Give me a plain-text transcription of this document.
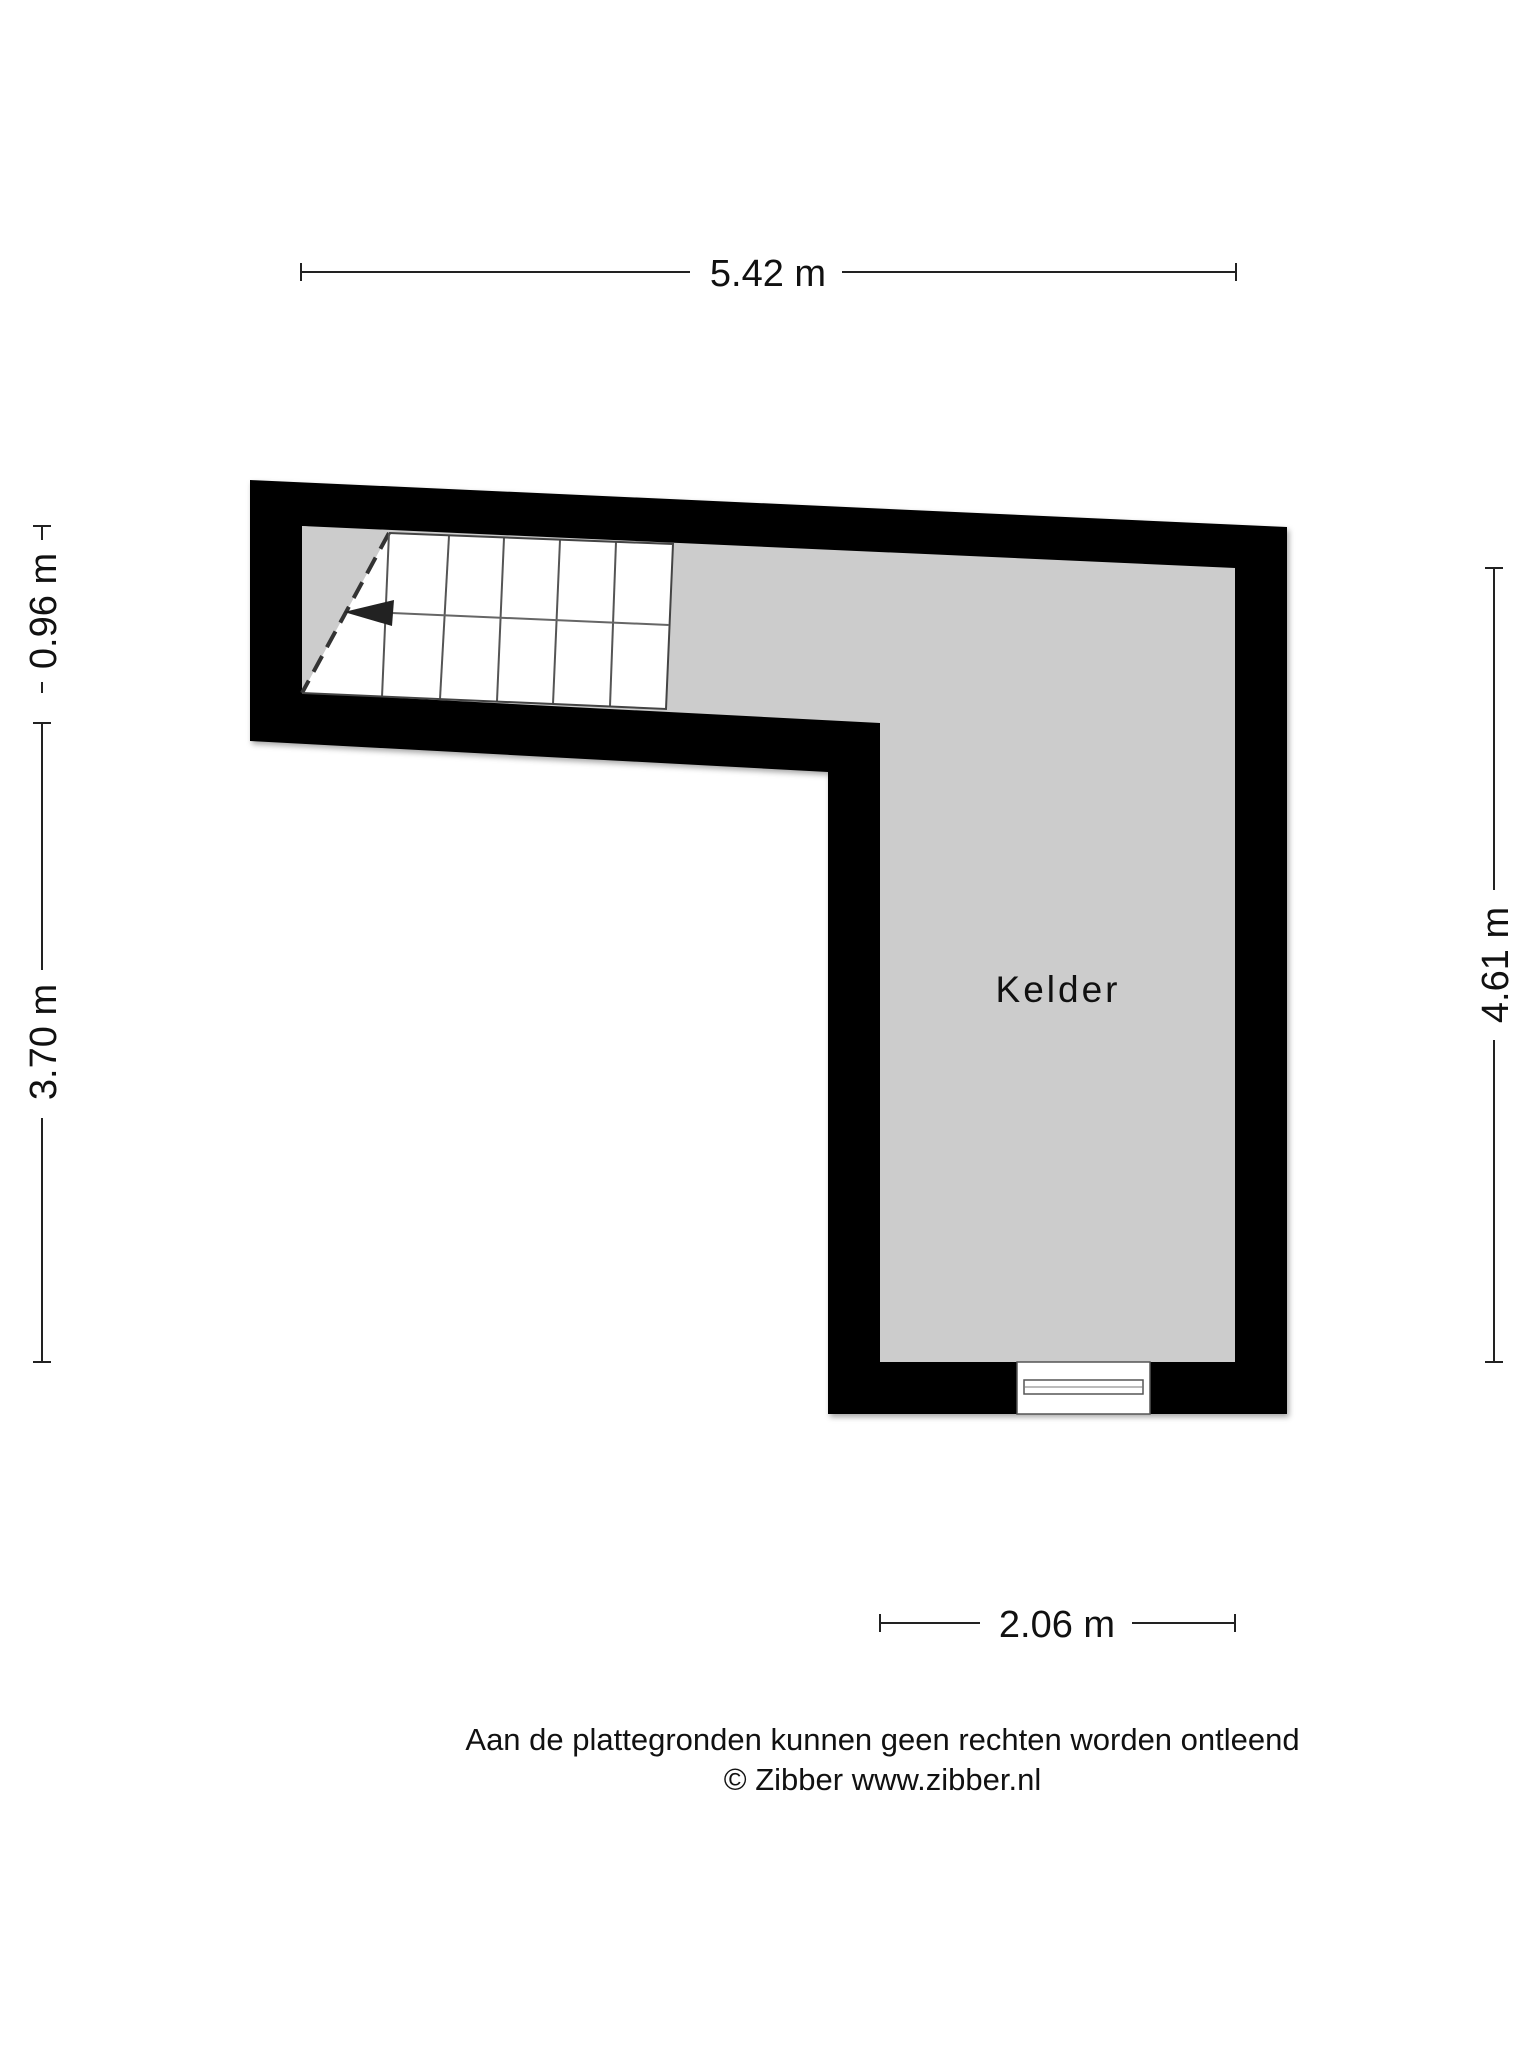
Kelder
5.42 m
2.06 m
0.96 m
3.70 m
4.61 m
Aan de plattegronden kunnen geen rechten worden ontleend
© Zibber www.zibber.nl
